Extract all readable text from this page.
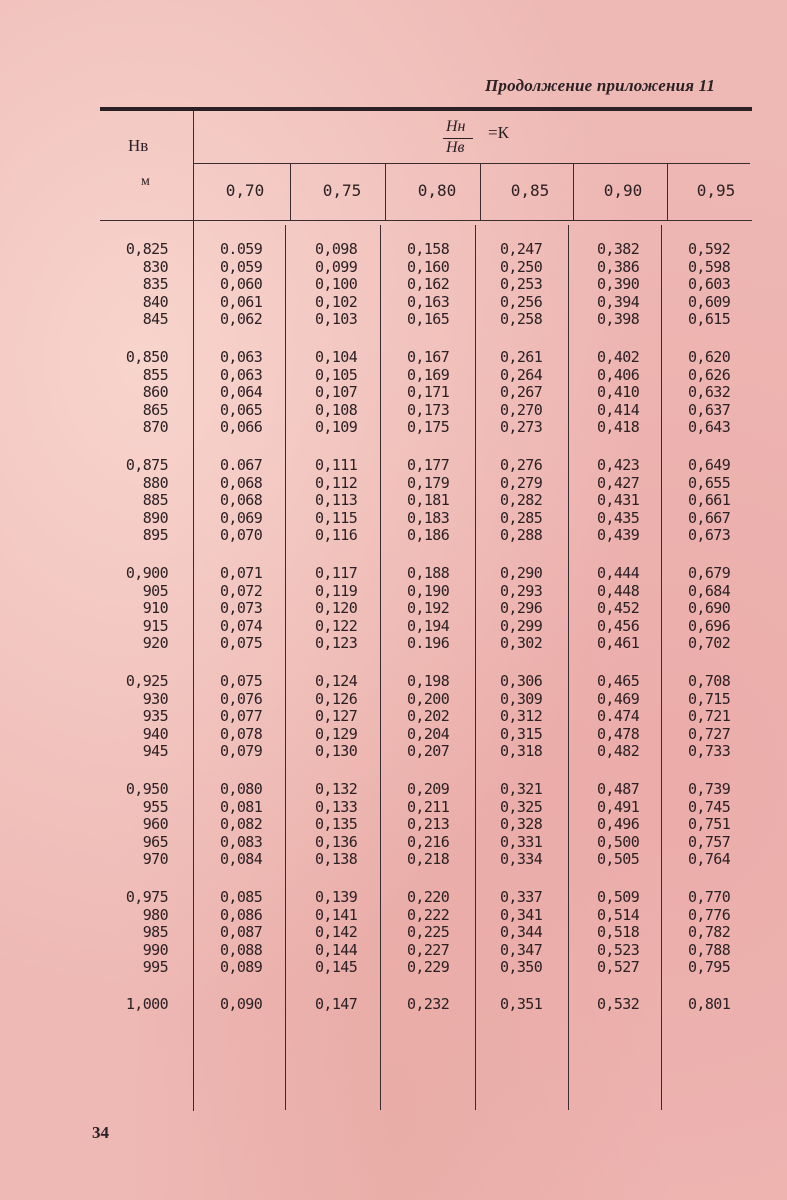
Продолжение приложения 11
Нв
м
Нн
Нв
=К
0,70	0,75	0,80	0,85	0,90	0,95
0,825	0.059	0,098	0,158	0,247	0,382	0,592
830	0,059	0,099	0,160	0,250	0,386	0,598
835	0,060	0,100	0,162	0,253	0,390	0,603
840	0,061	0,102	0,163	0,256	0,394	0,609
845	0,062	0,103	0,165	0,258	0,398	0,615
0,850	0,063	0,104	0,167	0,261	0,402	0,620
855	0,063	0,105	0,169	0,264	0,406	0,626
860	0,064	0,107	0,171	0,267	0,410	0,632
865	0,065	0,108	0,173	0,270	0,414	0,637
870	0,066	0,109	0,175	0,273	0,418	0,643
0,875	0.067	0,111	0,177	0,276	0,423	0,649
880	0,068	0,112	0,179	0,279	0,427	0,655
885	0,068	0,113	0,181	0,282	0,431	0,661
890	0,069	0,115	0,183	0,285	0,435	0,667
895	0,070	0,116	0,186	0,288	0,439	0,673
0,900	0,071	0,117	0,188	0,290	0,444	0,679
905	0,072	0,119	0,190	0,293	0,448	0,684
910	0,073	0,120	0,192	0,296	0,452	0,690
915	0,074	0,122	0,194	0,299	0,456	0,696
920	0,075	0,123	0.196	0,302	0,461	0,702
0,925	0,075	0,124	0,198	0,306	0,465	0,708
930	0,076	0,126	0,200	0,309	0,469	0,715
935	0,077	0,127	0,202	0,312	0.474	0,721
940	0,078	0,129	0,204	0,315	0,478	0,727
945	0,079	0,130	0,207	0,318	0,482	0,733
0,950	0,080	0,132	0,209	0,321	0,487	0,739
955	0,081	0,133	0,211	0,325	0,491	0,745
960	0,082	0,135	0,213	0,328	0,496	0,751
965	0,083	0,136	0,216	0,331	0,500	0,757
970	0,084	0,138	0,218	0,334	0,505	0,764
0,975	0,085	0,139	0,220	0,337	0,509	0,770
980	0,086	0,141	0,222	0,341	0,514	0,776
985	0,087	0,142	0,225	0,344	0,518	0,782
990	0,088	0,144	0,227	0,347	0,523	0,788
995	0,089	0,145	0,229	0,350	0,527	0,795
1,000	0,090	0,147	0,232	0,351	0,532	0,801
34
